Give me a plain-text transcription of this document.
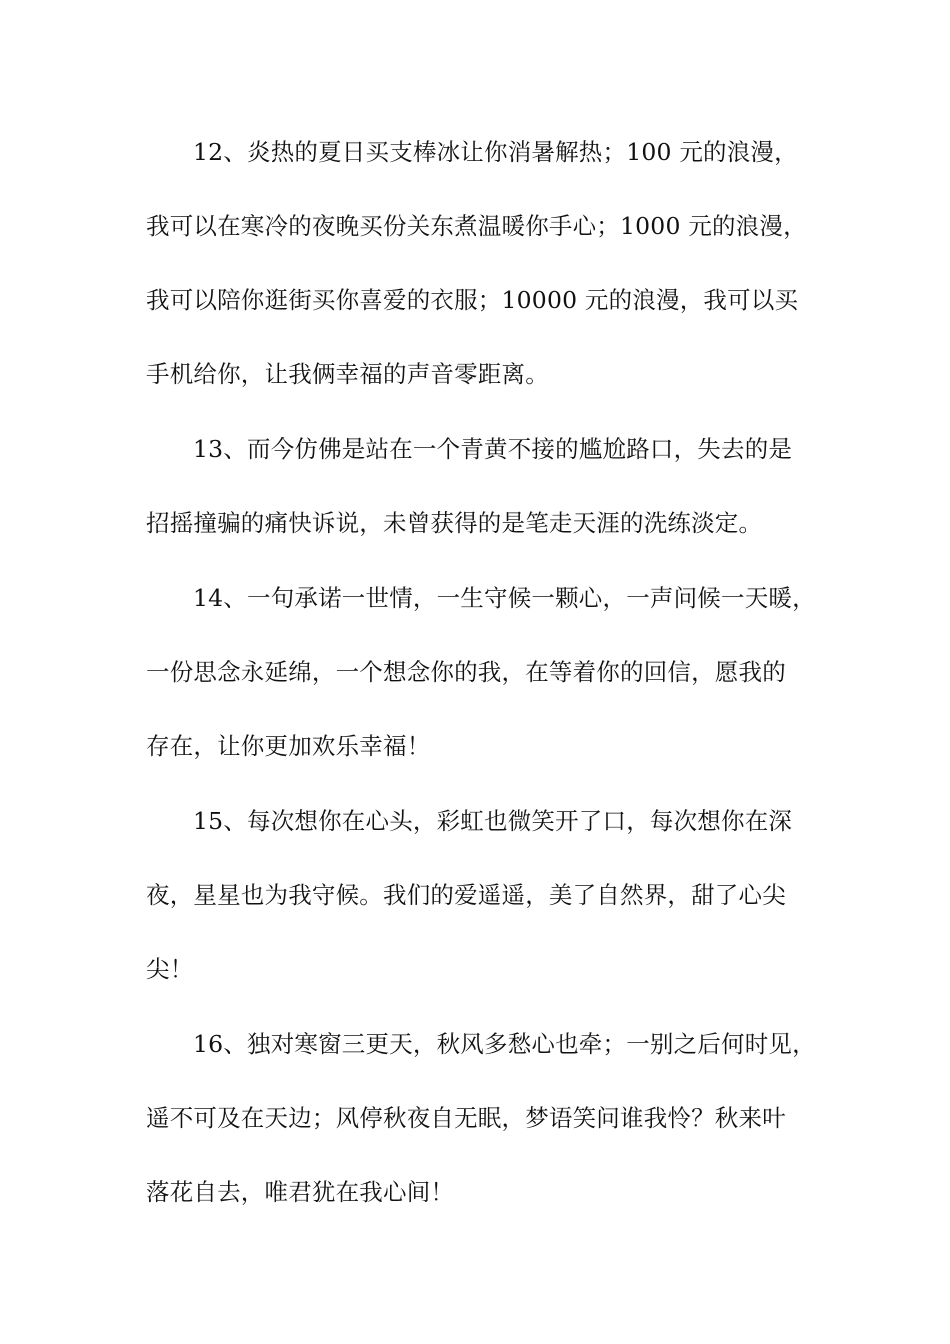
12、炎热的夏日买支棒冰让你消暑解热；100 元的浪漫，
我可以在寒冷的夜晚买份关东煮温暖你手心；1000 元的浪漫，
我可以陪你逛街买你喜爱的衣服；10000 元的浪漫，我可以买
手机给你，让我俩幸福的声音零距离。
13、而今仿佛是站在一个青黄不接的尴尬路口，失去的是
招摇撞骗的痛快诉说，未曾获得的是笔走天涯的洗练淡定。
14、一句承诺一世情，一生守候一颗心，一声问候一天暖，
一份思念永延绵，一个想念你的我，在等着你的回信，愿我的
存在，让你更加欢乐幸福！
15、每次想你在心头，彩虹也微笑开了口，每次想你在深
夜，星星也为我守候。我们的爱遥遥，美了自然界，甜了心尖
尖！
16、独对寒窗三更天，秋风多愁心也牵；一别之后何时见，
遥不可及在天边；风停秋夜自无眠，梦语笑问谁我怜？秋来叶
落花自去，唯君犹在我心间！
